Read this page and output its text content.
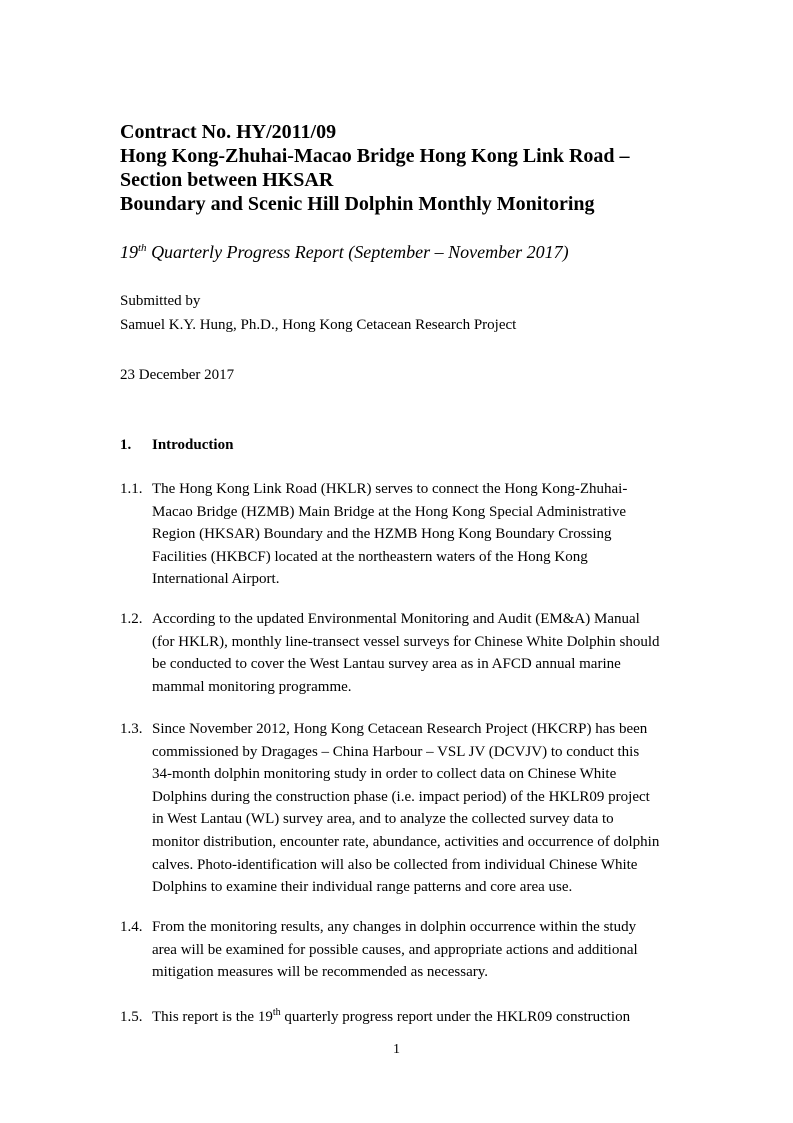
Contract No. HY/2011/09
Hong Kong-Zhuhai-Macao Bridge Hong Kong Link Road –
Section between HKSAR
Boundary and Scenic Hill Dolphin Monthly Monitoring
19th Quarterly Progress Report (September – November 2017)
Submitted by
Samuel K.Y. Hung, Ph.D., Hong Kong Cetacean Research Project
23 December 2017
1. Introduction
1.1. The Hong Kong Link Road (HKLR) serves to connect the Hong Kong-Zhuhai-
Macao Bridge (HZMB) Main Bridge at the Hong Kong Special Administrative
Region (HKSAR) Boundary and the HZMB Hong Kong Boundary Crossing
Facilities (HKBCF) located at the northeastern waters of the Hong Kong
International Airport.
1.2. According to the updated Environmental Monitoring and Audit (EM&A) Manual
(for HKLR), monthly line-transect vessel surveys for Chinese White Dolphin should
be conducted to cover the West Lantau survey area as in AFCD annual marine
mammal monitoring programme.
1.3. Since November 2012, Hong Kong Cetacean Research Project (HKCRP) has been
commissioned by Dragages – China Harbour – VSL JV (DCVJV) to conduct this
34-month dolphin monitoring study in order to collect data on Chinese White
Dolphins during the construction phase (i.e. impact period) of the HKLR09 project
in West Lantau (WL) survey area, and to analyze the collected survey data to
monitor distribution, encounter rate, abundance, activities and occurrence of dolphin
calves. Photo-identification will also be collected from individual Chinese White
Dolphins to examine their individual range patterns and core area use.
1.4. From the monitoring results, any changes in dolphin occurrence within the study
area will be examined for possible causes, and appropriate actions and additional
mitigation measures will be recommended as necessary.
1.5. This report is the 19th quarterly progress report under the HKLR09 construction
1
